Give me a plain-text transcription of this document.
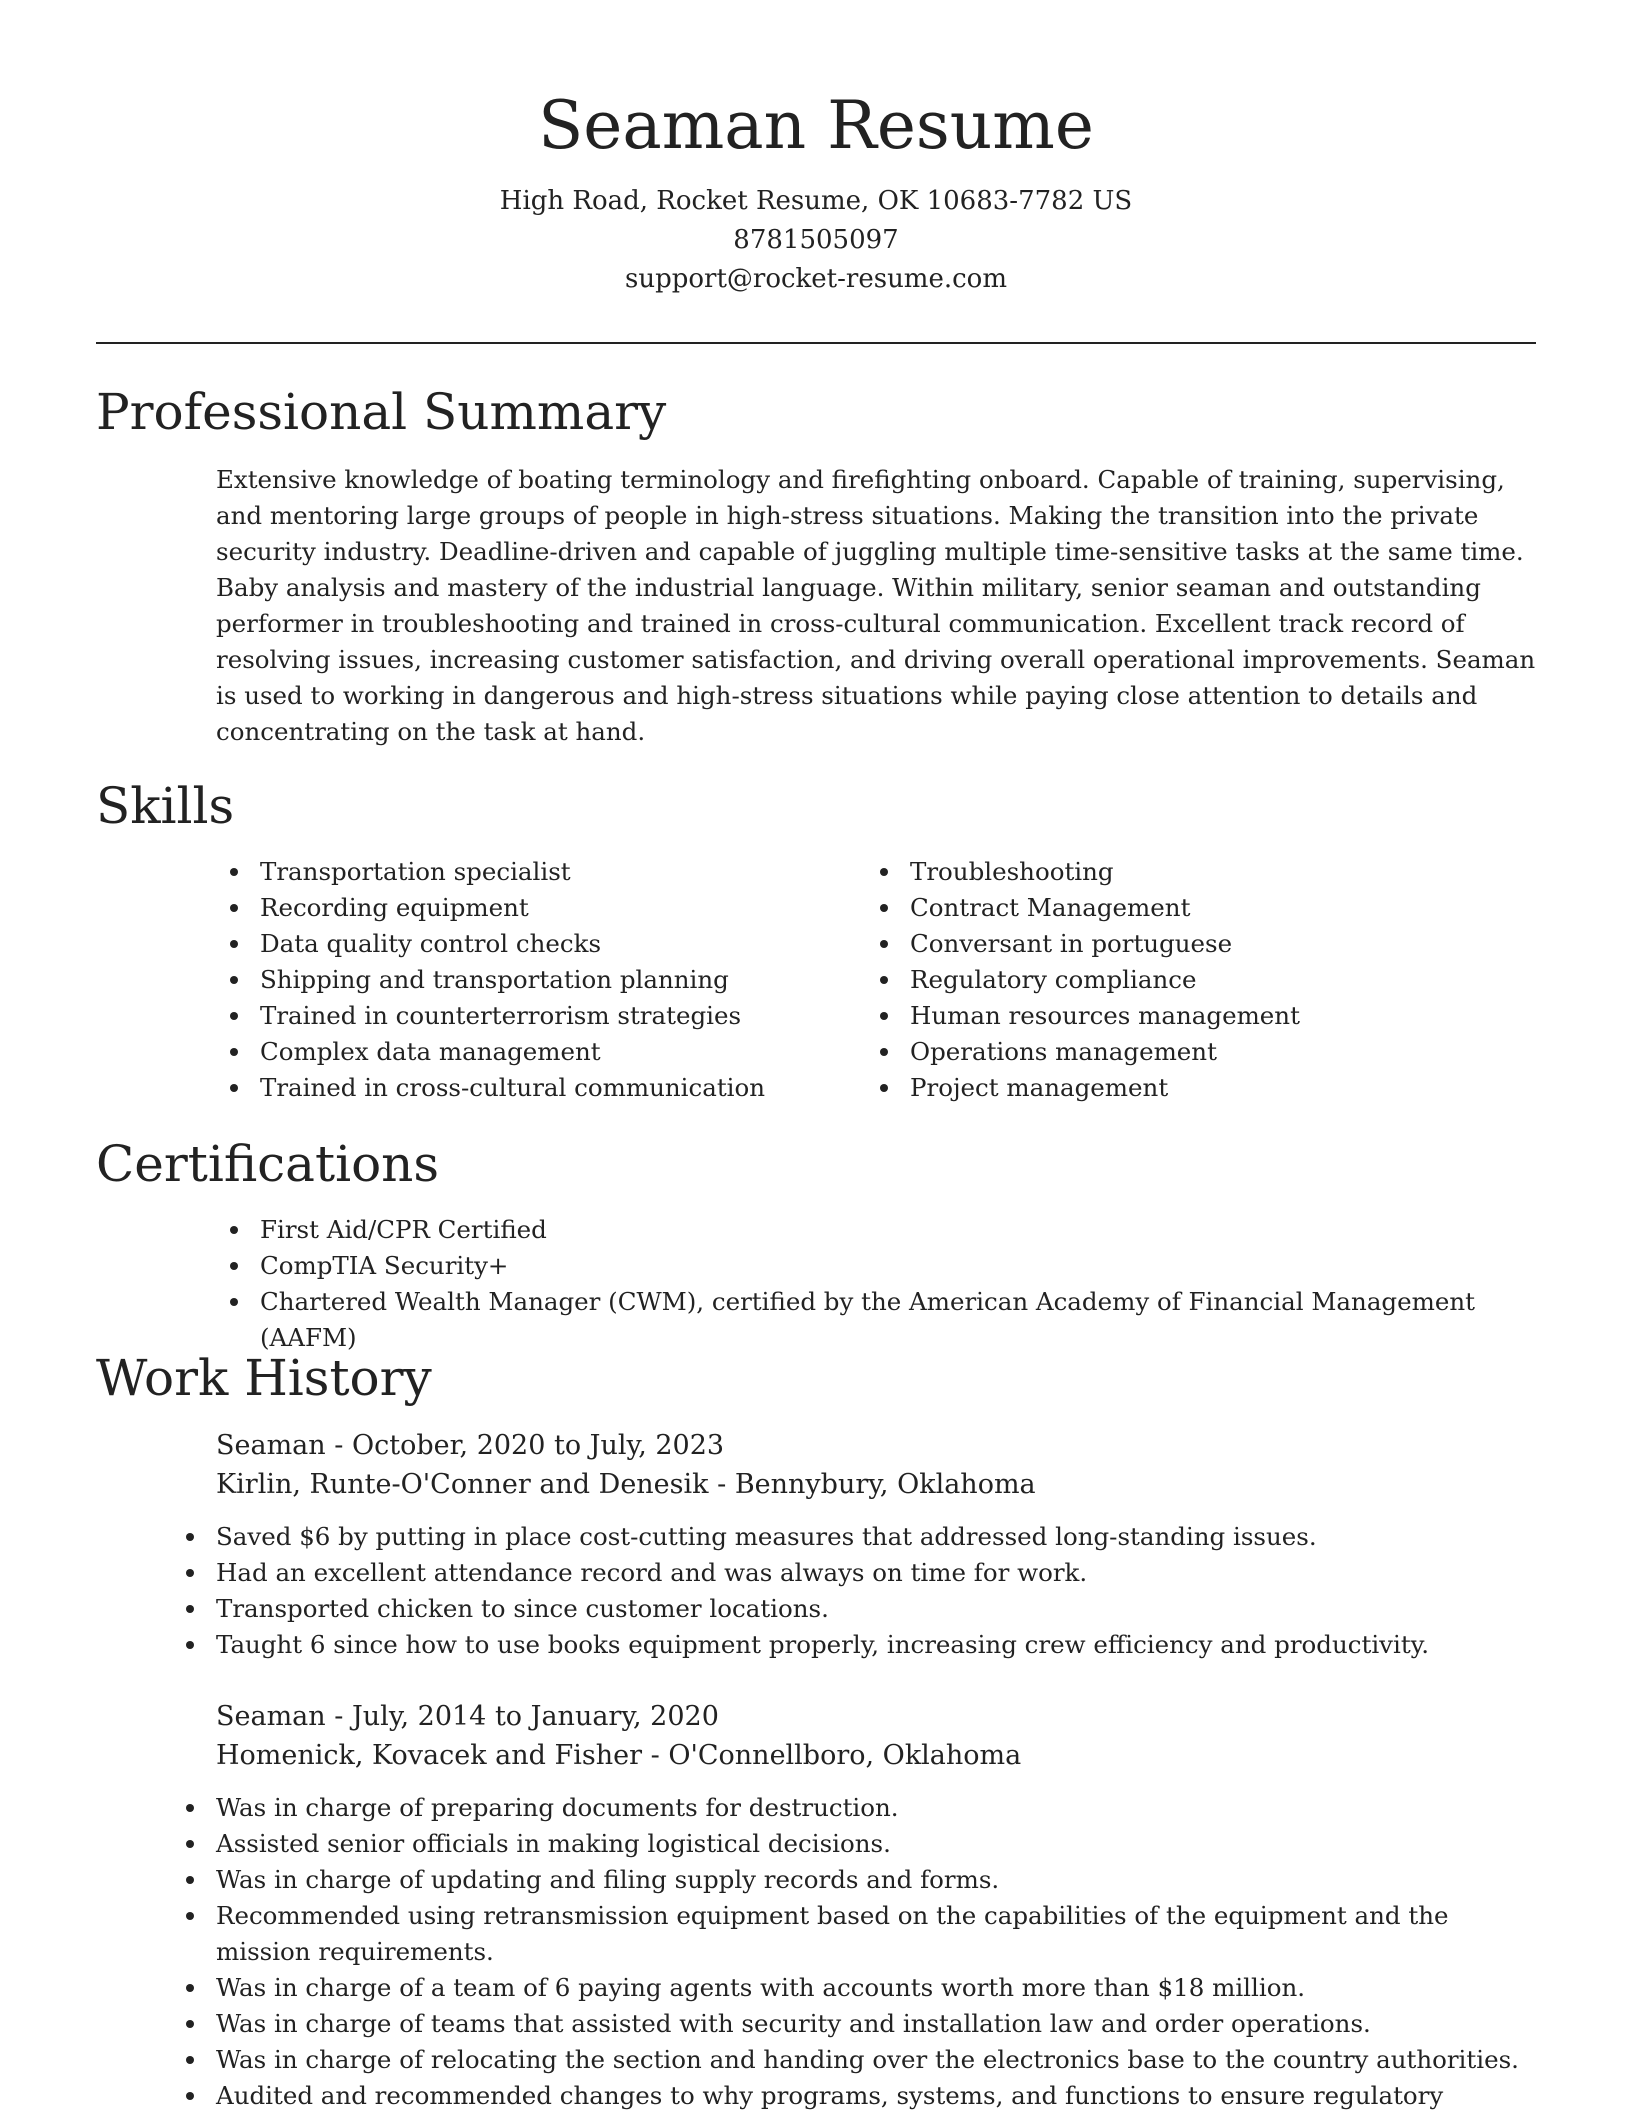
Seaman Resume
High Road, Rocket Resume, OK 10683-7782 US
8781505097
support@rocket-resume.com
Professional Summary

Extensive knowledge of boating terminology and firefighting onboard. Capable of training, supervising, and mentoring large groups of people in high-stress situations. Making the transition into the private security industry. Deadline-driven and capable of juggling multiple time-sensitive tasks at the same time. Baby analysis and mastery of the industrial language. Within military, senior seaman and outstanding performer in troubleshooting and trained in cross-cultural communication. Excellent track record of resolving issues, increasing customer satisfaction, and driving overall operational improvements. Seaman is used to working in dangerous and high-stress situations while paying close attention to details and concentrating on the task at hand.

Skills
Transportation specialist
Recording equipment
Data quality control checks
Shipping and transportation planning
Trained in counterterrorism strategies
Complex data management
Trained in cross-cultural communication
Troubleshooting
Contract Management
Conversant in portuguese
Regulatory compliance
Human resources management
Operations management
Project management
Certifications
First Aid/CPR Certified
CompTIA Security+
Chartered Wealth Manager (CWM), certified by the American Academy of Financial Management (AAFM)
Work History
Seaman - October, 2020 to July, 2023
Kirlin, Runte-O'Conner and Denesik - Bennybury, Oklahoma
Saved $6 by putting in place cost-cutting measures that addressed long-standing issues.
Had an excellent attendance record and was always on time for work.
Transported chicken to since customer locations.
Taught 6 since how to use books equipment properly, increasing crew efficiency and productivity.
Seaman - July, 2014 to January, 2020
Homenick, Kovacek and Fisher - O'Connellboro, Oklahoma
Was in charge of preparing documents for destruction.
Assisted senior officials in making logistical decisions.
Was in charge of updating and filing supply records and forms.
Recommended using retransmission equipment based on the capabilities of the equipment and the mission requirements.
Was in charge of a team of 6 paying agents with accounts worth more than $18 million.
Was in charge of teams that assisted with security and installation law and order operations.
Was in charge of relocating the section and handing over the electronics base to the country authorities.
Audited and recommended changes to why programs, systems, and functions to ensure regulatory
